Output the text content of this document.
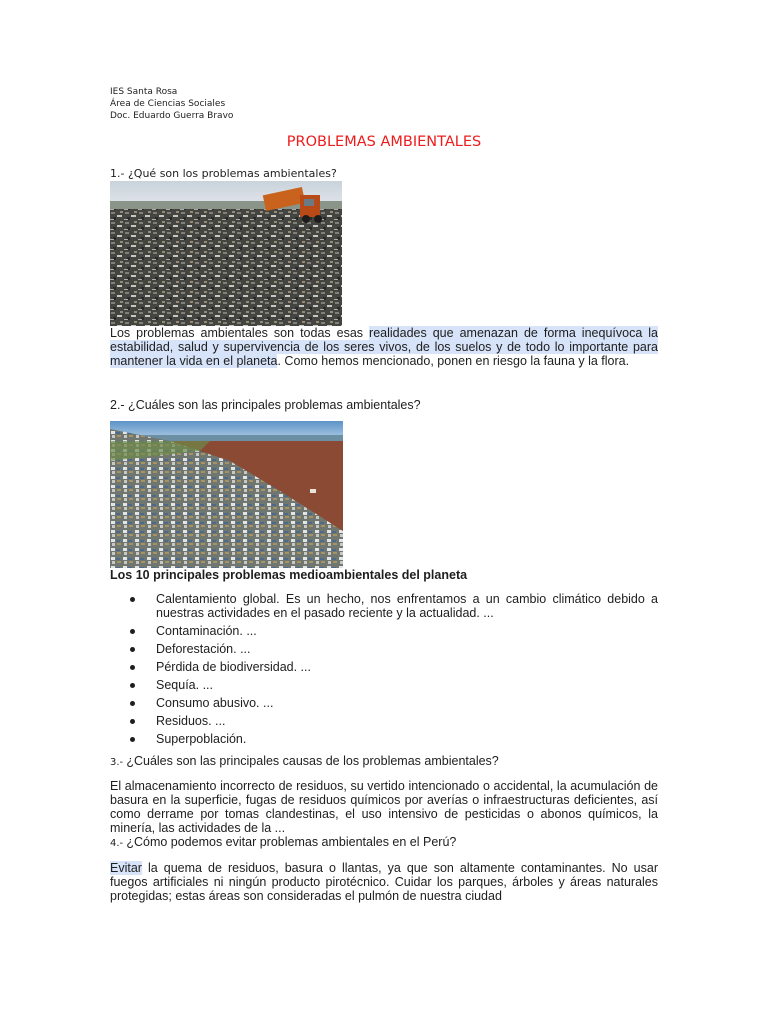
IES Santa Rosa
Área de Ciencias Sociales
Doc. Eduardo Guerra Bravo
PROBLEMAS AMBIENTALES
1.- ¿Qué son los problemas ambientales?
Los problemas ambientales son todas esas realidades que amenazan de forma inequívoca la estabilidad, salud y supervivencia de los seres vivos, de los suelos y de todo lo importante para mantener la vida en el planeta. Como hemos mencionado, ponen en riesgo la fauna y la flora.
2.- ¿Cuáles son las principales problemas ambientales?
Los 10 principales problemas medioambientales del planeta
Calentamiento global. Es un hecho, nos enfrentamos a un cambio climático debido a nuestras actividades en el pasado reciente y la actualidad. ...
Contaminación. ...
Deforestación. ...
Pérdida de biodiversidad. ...
Sequía. ...
Consumo abusivo. ...
Residuos. ...
Superpoblación.
3.- ¿Cuáles son las principales causas de los problemas ambientales?
El almacenamiento incorrecto de residuos, su vertido intencionado o accidental, la acumulación de basura en la superficie, fugas de residuos químicos por averías o infraestructuras deficientes, así como derrame por tomas clandestinas, el uso intensivo de pesticidas o abonos químicos, la minería, las actividades de la ...
4.- ¿Cómo podemos evitar problemas ambientales en el Perú?
Evitar la quema de residuos, basura o llantas, ya que son altamente contaminantes. No usar fuegos artificiales ni ningún producto pirotécnico. Cuidar los parques, árboles y áreas naturales protegidas; estas áreas son consideradas el pulmón de nuestra ciudad
